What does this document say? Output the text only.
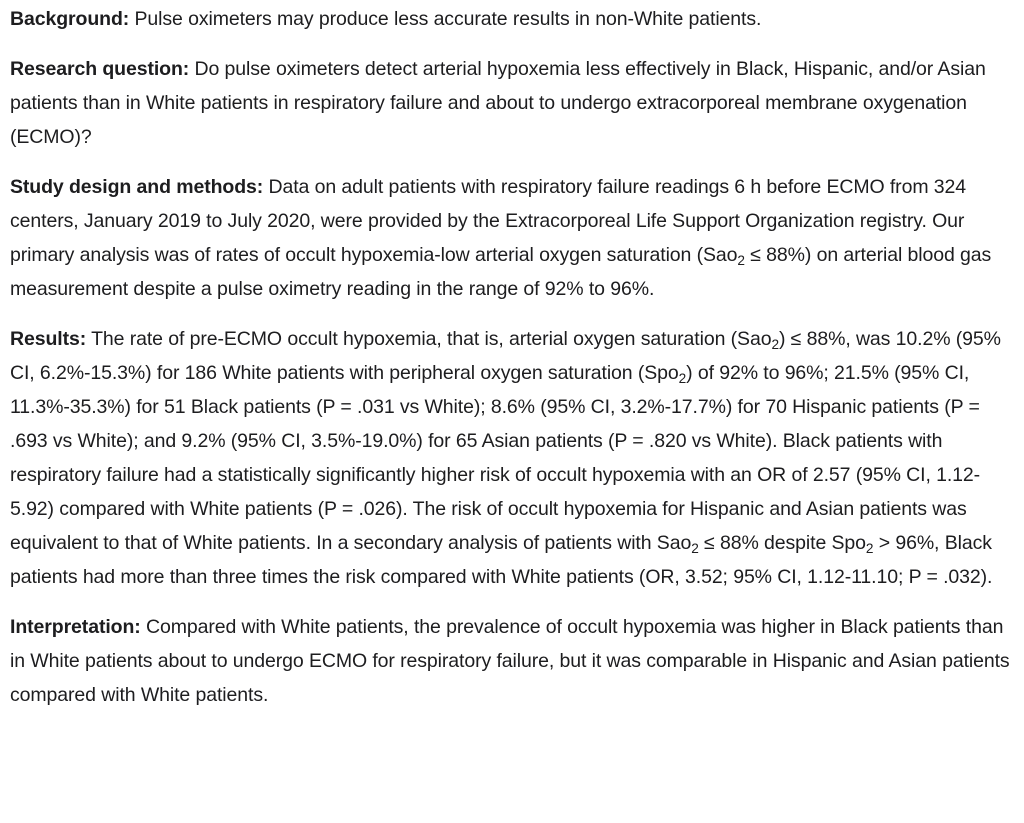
Background: Pulse oximeters may produce less accurate results in non-White patients.

Research question: Do pulse oximeters detect arterial hypoxemia less effectively in Black, Hispanic, and/or Asian patients than in White patients in respiratory failure and about to undergo extracorporeal membrane oxygenation (ECMO)?

Study design and methods: Data on adult patients with respiratory failure readings 6 h before ECMO from 324 centers, January 2019 to July 2020, were provided by the Extracorporeal Life Support Organization registry. Our primary analysis was of rates of occult hypoxemia-low arterial oxygen saturation (Sao$_2$ ≤ 88%) on arterial blood gas measurement despite a pulse oximetry reading in the range of 92% to 96%.

Results: The rate of pre-ECMO occult hypoxemia, that is, arterial oxygen saturation (Sao$_2$) ≤ 88%, was 10.2% (95% CI, 6.2%-15.3%) for 186 White patients with peripheral oxygen saturation (Spo$_2$) of 92% to 96%; 21.5% (95% CI, 11.3%-35.3%) for 51 Black patients (P = .031 vs White); 8.6% (95% CI, 3.2%-17.7%) for 70 Hispanic patients (P = .693 vs White); and 9.2% (95% CI, 3.5%-19.0%) for 65 Asian patients (P = .820 vs White). Black patients with respiratory failure had a statistically significantly higher risk of occult hypoxemia with an OR of 2.57 (95% CI, 1.12-5.92) compared with White patients (P = .026). The risk of occult hypoxemia for Hispanic and Asian patients was equivalent to that of White patients. In a secondary analysis of patients with Sao$_2$ ≤ 88% despite Spo$_2$ > 96%, Black patients had more than three times the risk compared with White patients (OR, 3.52; 95% CI, 1.12-11.10; P = .032).

Interpretation: Compared with White patients, the prevalence of occult hypoxemia was higher in Black patients than in White patients about to undergo ECMO for respiratory failure, but it was comparable in Hispanic and Asian patients compared with White patients.
